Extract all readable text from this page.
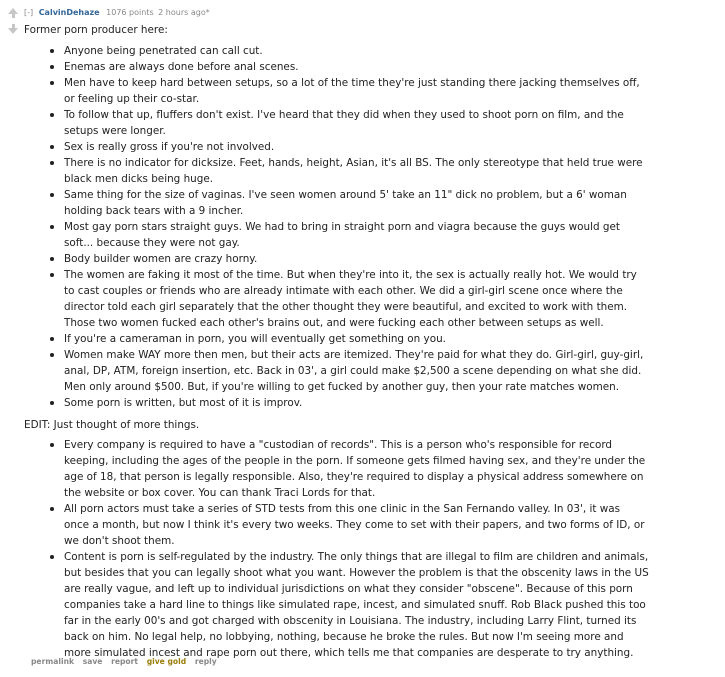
[-] CalvinDehaze 1076 points 2 hours ago*
Former porn producer here:
Anyone being penetrated can call cut.
Enemas are always done before anal scenes.
Men have to keep hard between setups, so a lot of the time they're just standing there jacking themselves off,
or feeling up their co-star.
To follow that up, fluffers don't exist. I've heard that they did when they used to shoot porn on film, and the
setups were longer.
Sex is really gross if you're not involved.
There is no indicator for dicksize. Feet, hands, height, Asian, it's all BS. The only stereotype that held true were
black men dicks being huge.
Same thing for the size of vaginas. I've seen women around 5' take an 11" dick no problem, but a 6' woman
holding back tears with a 9 incher.
Most gay porn stars straight guys. We had to bring in straight porn and viagra because the guys would get
soft... because they were not gay.
Body builder women are crazy horny.
The women are faking it most of the time. But when they're into it, the sex is actually really hot. We would try
to cast couples or friends who are already intimate with each other. We did a girl-girl scene once where the
director told each girl separately that the other thought they were beautiful, and excited to work with them.
Those two women fucked each other's brains out, and were fucking each other between setups as well.
If you're a cameraman in porn, you will eventually get something on you.
Women make WAY more then men, but their acts are itemized. They're paid for what they do. Girl-girl, guy-girl,
anal, DP, ATM, foreign insertion, etc. Back in 03', a girl could make $2,500 a scene depending on what she did.
Men only around $500. But, if you're willing to get fucked by another guy, then your rate matches women.
Some porn is written, but most of it is improv.
EDIT: Just thought of more things.
Every company is required to have a "custodian of records". This is a person who's responsible for record
keeping, including the ages of the people in the porn. If someone gets filmed having sex, and they're under the
age of 18, that person is legally responsible. Also, they're required to display a physical address somewhere on
the website or box cover. You can thank Traci Lords for that.
All porn actors must take a series of STD tests from this one clinic in the San Fernando valley. In 03', it was
once a month, but now I think it's every two weeks. They come to set with their papers, and two forms of ID, or
we don't shoot them.
Content is porn is self-regulated by the industry. The only things that are illegal to film are children and animals,
but besides that you can legally shoot what you want. However the problem is that the obscenity laws in the US
are really vague, and left up to individual jurisdictions on what they consider "obscene". Because of this porn
companies take a hard line to things like simulated rape, incest, and simulated snuff. Rob Black pushed this too
far in the early 00's and got charged with obscenity in Louisiana. The industry, including Larry Flint, turned its
back on him. No legal help, no lobbying, nothing, because he broke the rules. But now I'm seeing more and
more simulated incest and rape porn out there, which tells me that companies are desperate to try anything.
permalink save report give gold reply
